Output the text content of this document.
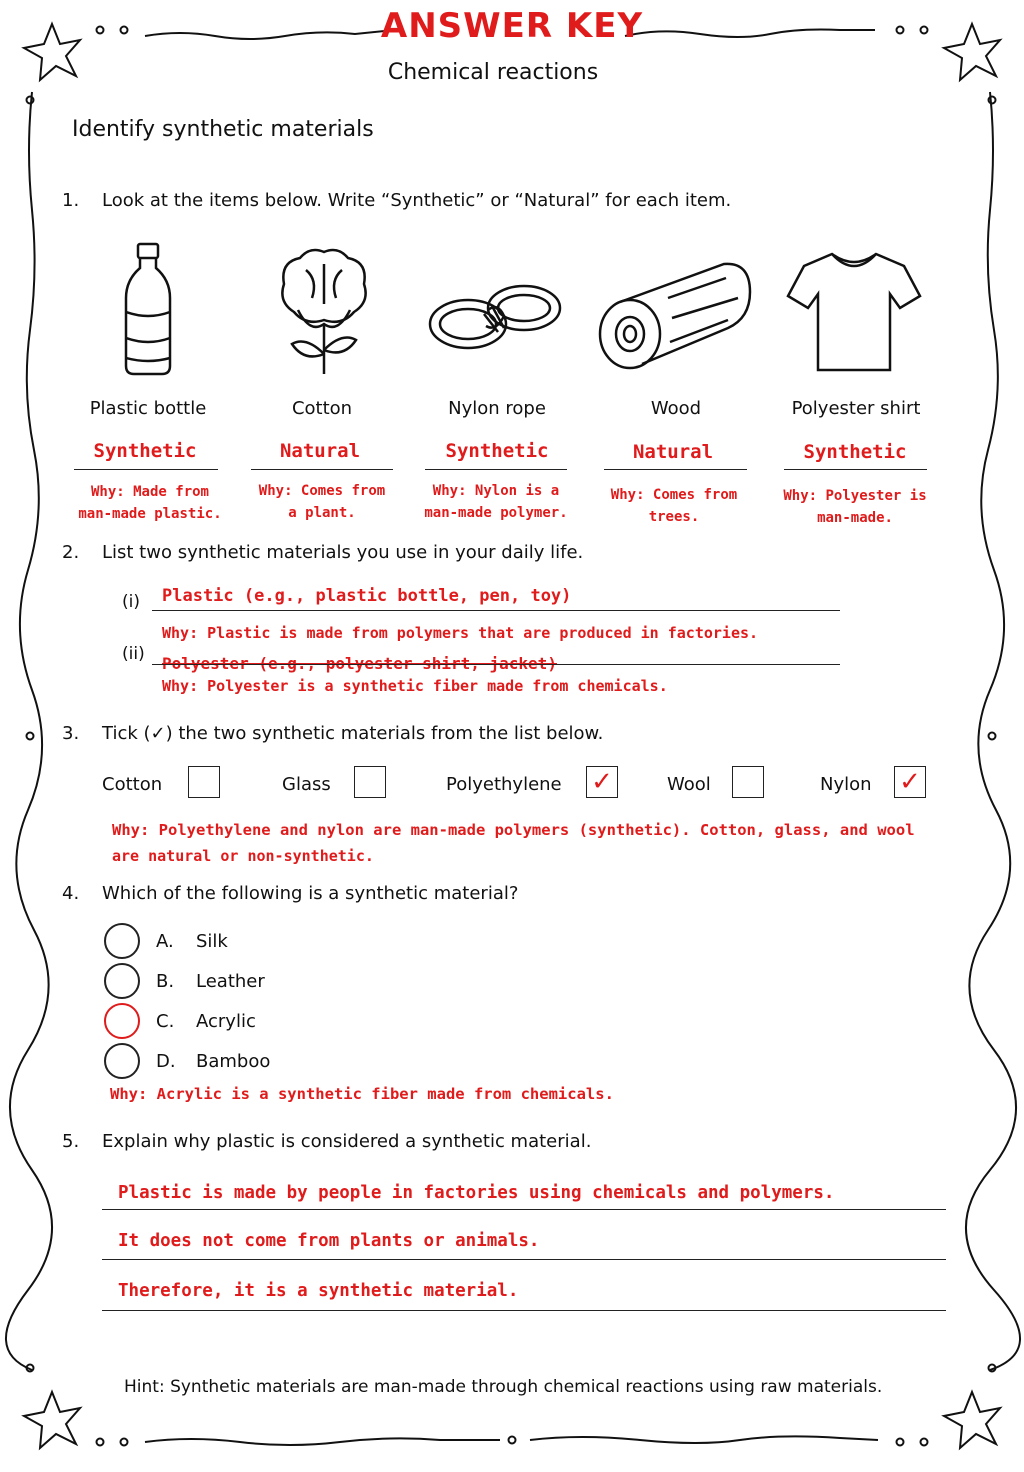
ANSWER KEY
Chemical reactions
Identify synthetic materials
1. Look at the items below. Write “Synthetic” or “Natural” for each item.
Plastic bottle	Cotton	Nylon rope	Wood	Polyester shirt
Synthetic	Natural	Synthetic	Natural	Synthetic
Why: Made from
man-made plastic.
Why: Comes from
a plant.
Why: Nylon is a
man-made polymer.
Why: Comes from
trees.
Why: Polyester is
man-made.
2. List two synthetic materials you use in your daily life.
(i) Plastic (e.g., plastic bottle, pen, toy)
Why: Plastic is made from polymers that are produced in factories.
(ii) Polyester (e.g., polyester shirt, jacket)
Why: Polyester is a synthetic fiber made from chemicals.
3. Tick (✓) the two synthetic materials from the list below.
Cotton	Glass	Polyethylene ✓	Wool	Nylon ✓
Why: Polyethylene and nylon are man-made polymers (synthetic). Cotton, glass, and wool
are natural or non-synthetic.
4. Which of the following is a synthetic material?
A. Silk
B. Leather
C. Acrylic
D. Bamboo
Why: Acrylic is a synthetic fiber made from chemicals.
5. Explain why plastic is considered a synthetic material.
Plastic is made by people in factories using chemicals and polymers.
It does not come from plants or animals.
Therefore, it is a synthetic material.
Hint: Synthetic materials are man-made through chemical reactions using raw materials.
